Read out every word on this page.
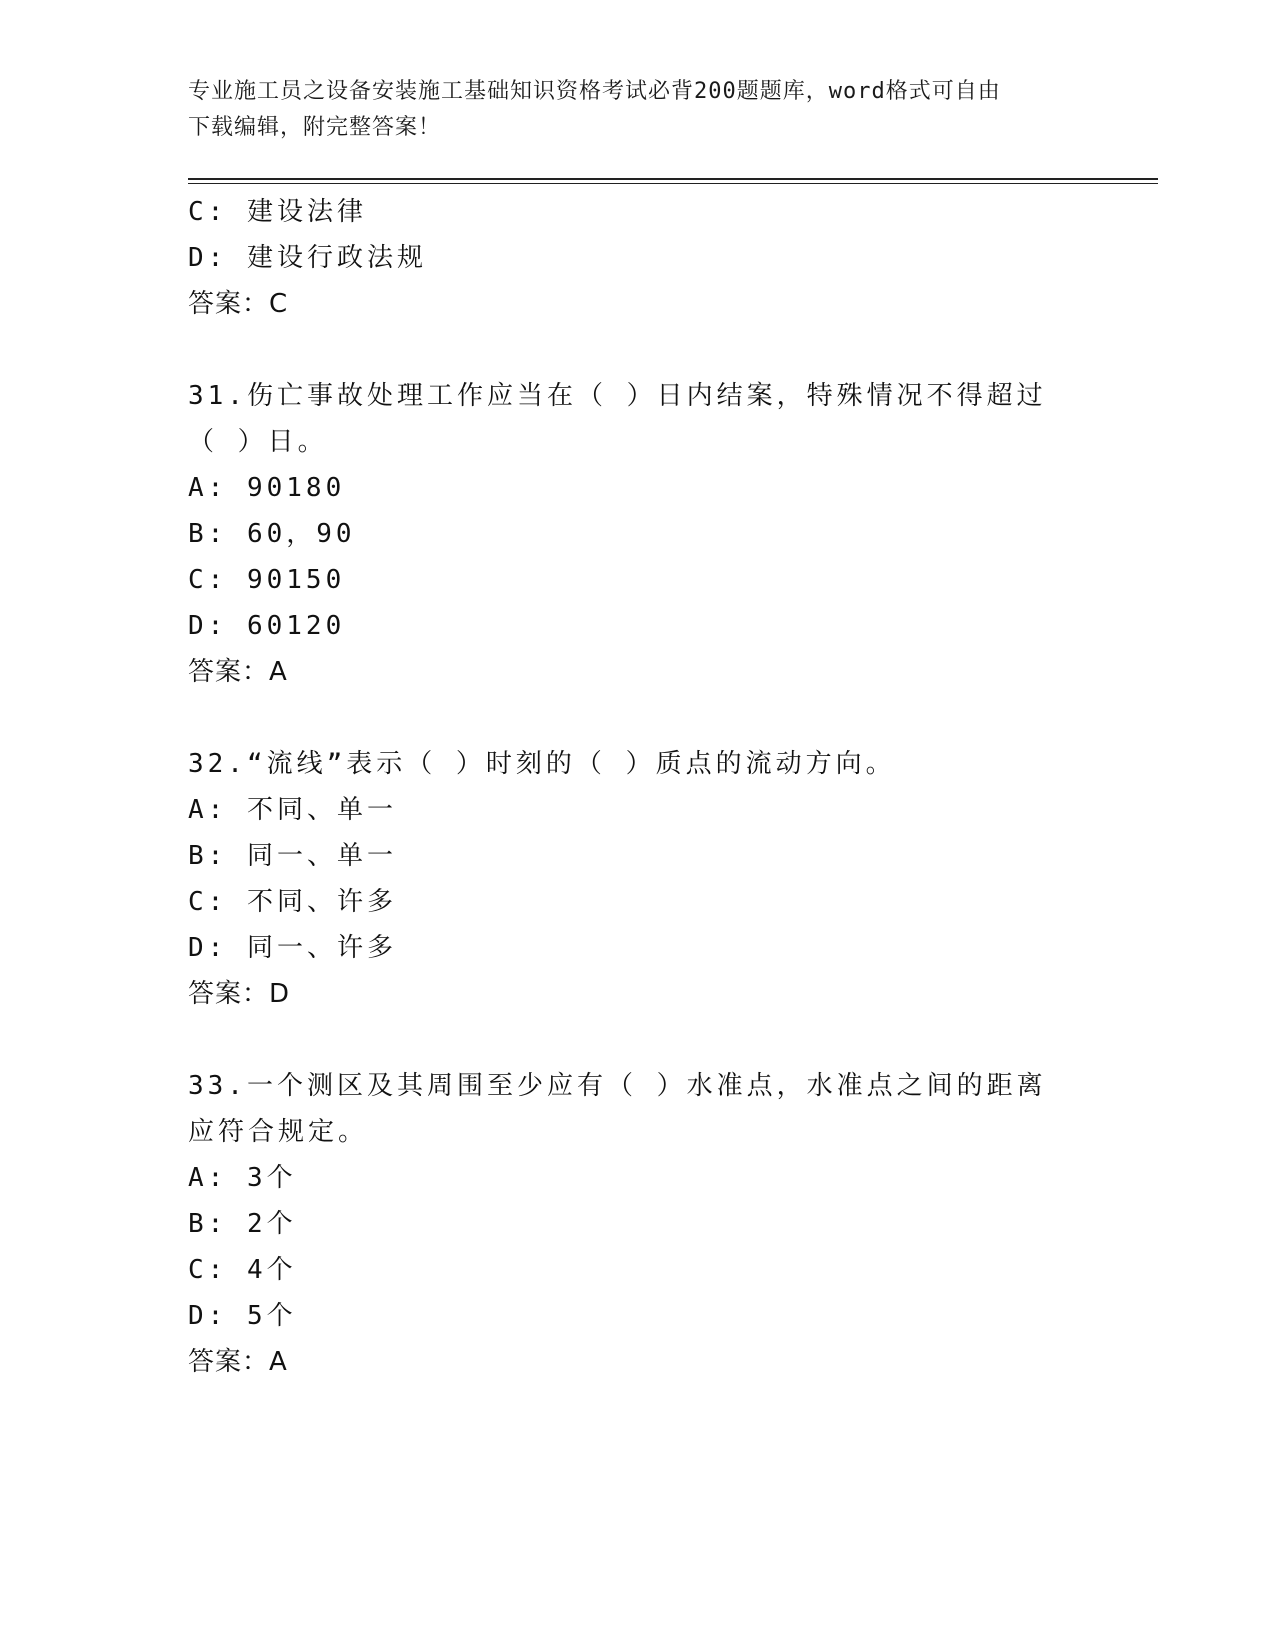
专业施工员之设备安装施工基础知识资格考试必背200题题库，word格式可自由
下载编辑，附完整答案！
C: 建设法律
D: 建设行政法规
答案：C
31.伤亡事故处理工作应当在（ ）日内结案，特殊情况不得超过（ ）日。
A: 90180
B: 60，90
C: 90150
D: 60120
答案：A
32.“流线”表示（ ）时刻的（ ）质点的流动方向。
A: 不同、单一
B: 同一、单一
C: 不同、许多
D: 同一、许多
答案：D
33.一个测区及其周围至少应有（ ）水准点，水准点之间的距离应符合规定。
A: 3个
B: 2个
C: 4个
D: 5个
答案：A
